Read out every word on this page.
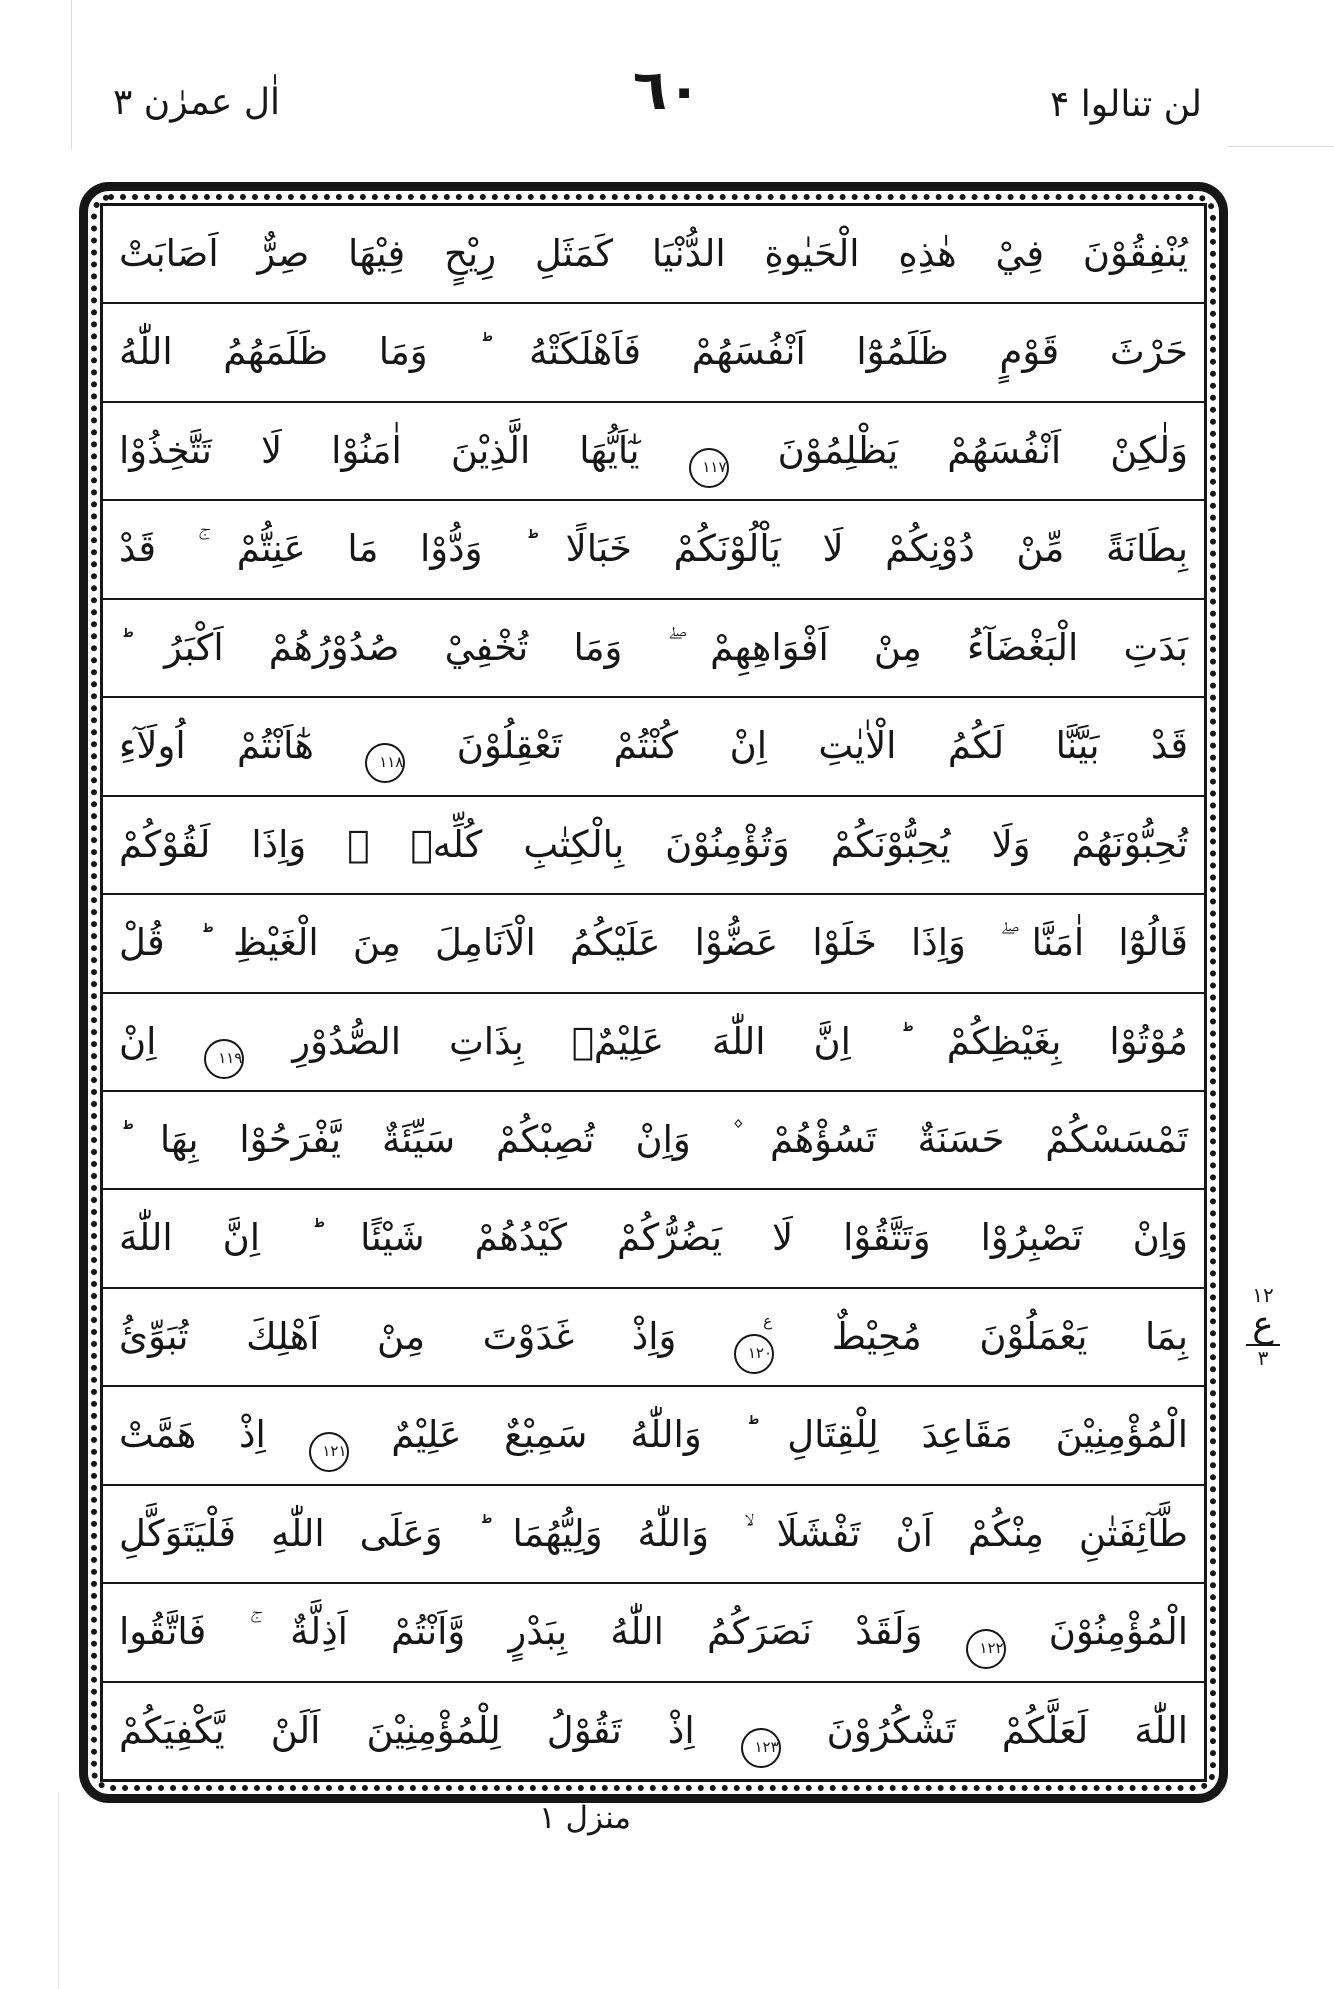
اٰل عمرٰن ٣	٦٠	لن تنالوا ۴
يُنْفِقُوْنَ فِيْ هٰذِهِ الْحَيٰوةِ الدُّنْيَا كَمَثَلِ رِيْحٍ فِيْهَا صِرٌّ اَصَابَتْ
حَرْثَ قَوْمٍ ظَلَمُوْٓا اَنْفُسَهُمْ فَاَهْلَكَتْهُ ؕ وَمَا ظَلَمَهُمُ اللّٰهُ
وَلٰكِنْ اَنْفُسَهُمْ يَظْلِمُوْنَ ١١٧ يٰٓاَيُّهَا الَّذِيْنَ اٰمَنُوْا لَا تَتَّخِذُوْا
بِطَانَةً مِّنْ دُوْنِكُمْ لَا يَاْلُوْنَكُمْ خَبَالًا ؕ وَدُّوْا مَا عَنِتُّمْ ۚ قَدْ
بَدَتِ الْبَغْضَآءُ مِنْ اَفْوَاهِهِمْ ۖ وَمَا تُخْفِيْ صُدُوْرُهُمْ اَكْبَرُ ؕ
قَدْ بَيَّنَّا لَكُمُ الْاٰيٰتِ اِنْ كُنْتُمْ تَعْقِلُوْنَ ١١٨ هٰٓاَنْتُمْ اُولَآءِ
تُحِبُّوْنَهُمْ وَلَا يُحِبُّوْنَكُمْ وَتُؤْمِنُوْنَ بِالْكِتٰبِ كُلِّهٖ ۚ وَاِذَا لَقُوْكُمْ
قَالُوْٓا اٰمَنَّا ۖ وَاِذَا خَلَوْا عَضُّوْا عَلَيْكُمُ الْاَنَامِلَ مِنَ الْغَيْظِ ؕ قُلْ
مُوْتُوْا بِغَيْظِكُمْ ؕ اِنَّ اللّٰهَ عَلِيْمٌۢ بِذَاتِ الصُّدُوْرِ ١١٩ اِنْ
تَمْسَسْكُمْ حَسَنَةٌ تَسُؤْهُمْ ۫ وَاِنْ تُصِبْكُمْ سَيِّئَةٌ يَّفْرَحُوْا بِهَا ؕ
وَاِنْ تَصْبِرُوْا وَتَتَّقُوْا لَا يَضُرُّكُمْ كَيْدُهُمْ شَيْئًا ؕ اِنَّ اللّٰهَ
بِمَا يَعْمَلُوْنَ مُحِيْطٌ ١٢٠
ع
وَاِذْ غَدَوْتَ مِنْ اَهْلِكَ تُبَوِّئُ
الْمُؤْمِنِيْنَ مَقَاعِدَ لِلْقِتَالِ ؕ وَاللّٰهُ سَمِيْعٌ عَلِيْمٌ ١٢١ اِذْ هَمَّتْ
طَّآئِفَتٰنِ مِنْكُمْ اَنْ تَفْشَلَا ۙ وَاللّٰهُ وَلِيُّهُمَا ؕ وَعَلَى اللّٰهِ فَلْيَتَوَكَّلِ
الْمُؤْمِنُوْنَ ١٢٢ وَلَقَدْ نَصَرَكُمُ اللّٰهُ بِبَدْرٍ وَّاَنْتُمْ اَذِلَّةٌ ۚ فَاتَّقُوا
اللّٰهَ لَعَلَّكُمْ تَشْكُرُوْنَ ١٢٣ اِذْ تَقُوْلُ لِلْمُؤْمِنِيْنَ اَلَنْ يَّكْفِيَكُمْ
١٢
ع
٣
منزل ١
